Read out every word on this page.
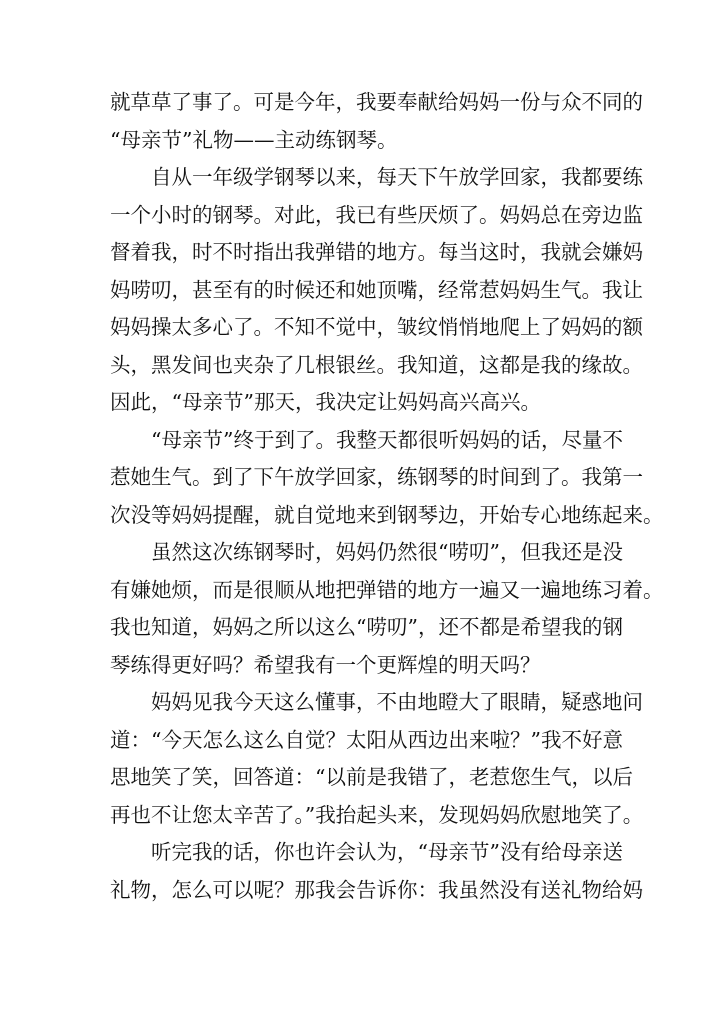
就草草了事了。可是今年，我要奉献给妈妈一份与众不同的
“母亲节”礼物——主动练钢琴。
自从一年级学钢琴以来，每天下午放学回家，我都要练
一个小时的钢琴。对此，我已有些厌烦了。妈妈总在旁边监
督着我，时不时指出我弹错的地方。每当这时，我就会嫌妈
妈唠叨，甚至有的时候还和她顶嘴，经常惹妈妈生气。我让
妈妈操太多心了。不知不觉中，皱纹悄悄地爬上了妈妈的额
头，黑发间也夹杂了几根银丝。我知道，这都是我的缘故。
因此，“母亲节”那天，我决定让妈妈高兴高兴。
“母亲节”终于到了。我整天都很听妈妈的话，尽量不
惹她生气。到了下午放学回家，练钢琴的时间到了。我第一
次没等妈妈提醒，就自觉地来到钢琴边，开始专心地练起来。
虽然这次练钢琴时，妈妈仍然很“唠叨”，但我还是没
有嫌她烦，而是很顺从地把弹错的地方一遍又一遍地练习着。
我也知道，妈妈之所以这么“唠叨”，还不都是希望我的钢
琴练得更好吗？希望我有一个更辉煌的明天吗？
妈妈见我今天这么懂事，不由地瞪大了眼睛，疑惑地问
道：“今天怎么这么自觉？太阳从西边出来啦？”我不好意
思地笑了笑，回答道：“以前是我错了，老惹您生气，以后
再也不让您太辛苦了。”我抬起头来，发现妈妈欣慰地笑了。
听完我的话，你也许会认为，“母亲节”没有给母亲送
礼物，怎么可以呢？那我会告诉你：我虽然没有送礼物给妈
